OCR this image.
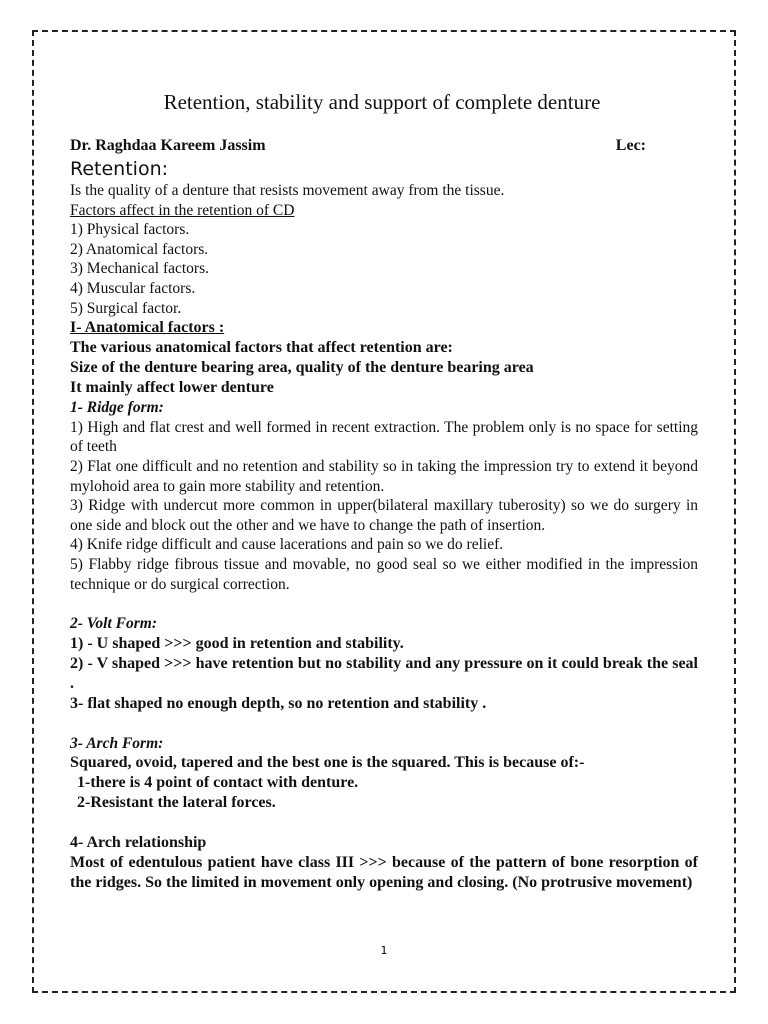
Retention, stability and support of complete denture
Dr. Raghdaa Kareem Jassim	Lec:
Retention:

Is the quality of a denture that resists movement away from the tissue.

Factors affect in the retention of CD

1) Physical factors.

2) Anatomical factors.

3) Mechanical factors.

4) Muscular factors.

5) Surgical factor.

I- Anatomical factors :

The various anatomical factors that affect retention are:

Size of the denture bearing area, quality of the denture bearing area

It mainly affect lower denture

1- Ridge form:

1) High and flat crest and well formed in recent extraction. The problem only is no space for setting of teeth

2) Flat one difficult and no retention and stability so in taking the impression try to extend it beyond mylohoid area to gain more stability and retention.

3) Ridge with undercut more common in upper(bilateral maxillary tuberosity) so we do surgery in one side and block out the other and we have to change the path of insertion.

4) Knife ridge difficult and cause lacerations and pain so we do relief.

5) Flabby ridge fibrous tissue and movable, no good seal so we either modified in the impression technique or do surgical correction.

2- Volt Form:

1) - U shaped >>> good in retention and stability.

2) - V shaped >>> have retention but no stability and any pressure on it could break the seal .

3- flat shaped no enough depth, so no retention and stability .

3- Arch Form:

Squared, ovoid, tapered and the best one is the squared. This is because of:-

1-there is 4 point of contact with denture.

2-Resistant the lateral forces.

4- Arch relationship

Most of edentulous patient have class III >>> because of the pattern of bone resorption of the ridges. So the limited in movement only opening and closing. (No protrusive movement)

1
